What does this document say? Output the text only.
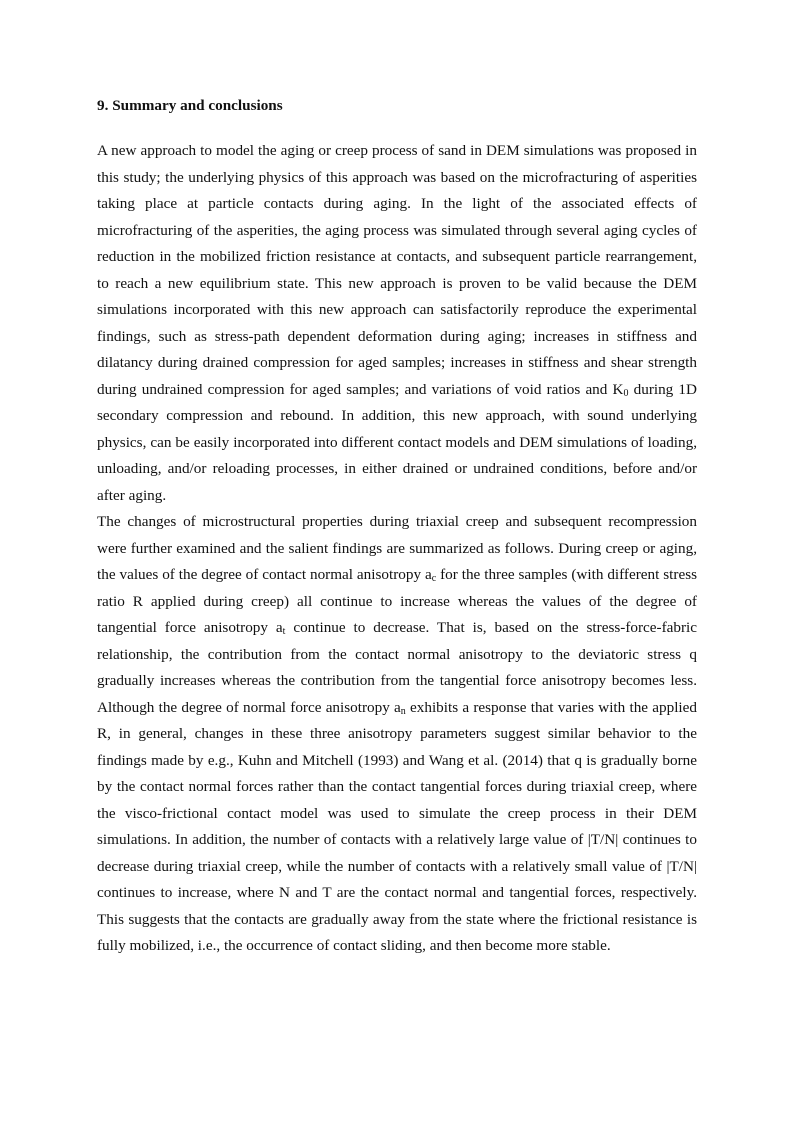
9. Summary and conclusions

A new approach to model the aging or creep process of sand in DEM simulations was proposed in this study; the underlying physics of this approach was based on the microfracturing of asperities taking place at particle contacts during aging. In the light of the associated effects of microfracturing of the asperities, the aging process was simulated through several aging cycles of reduction in the mobilized friction resistance at contacts, and subsequent particle rearrangement, to reach a new equilibrium state. This new approach is proven to be valid because the DEM simulations incorporated with this new approach can satisfactorily reproduce the experimental findings, such as stress-path dependent deformation during aging; increases in stiffness and dilatancy during drained compression for aged samples; increases in stiffness and shear strength during undrained compression for aged samples; and variations of void ratios and $K_0$ during 1D secondary compression and rebound. In addition, this new approach, with sound underlying physics, can be easily incorporated into different contact models and DEM simulations of loading, unloading, and/or reloading processes, in either drained or undrained conditions, before and/or after aging.

The changes of microstructural properties during triaxial creep and subsequent recompression were further examined and the salient findings are summarized as follows. During creep or aging, the values of the degree of contact normal anisotropy $a_c$ for the three samples (with different stress ratio R applied during creep) all continue to increase whereas the values of the degree of tangential force anisotropy $a_t$ continue to decrease. That is, based on the stress-force-fabric relationship, the contribution from the contact normal anisotropy to the deviatoric stress q gradually increases whereas the contribution from the tangential force anisotropy becomes less. Although the degree of normal force anisotropy $a_n$ exhibits a response that varies with the applied R, in general, changes in these three anisotropy parameters suggest similar behavior to the findings made by e.g., Kuhn and Mitchell (1993) and Wang et al. (2014) that q is gradually borne by the contact normal forces rather than the contact tangential forces during triaxial creep, where the visco-frictional contact model was used to simulate the creep process in their DEM simulations. In addition, the number of contacts with a relatively large value of |T/N| continues to decrease during triaxial creep, while the number of contacts with a relatively small value of |T/N| continues to increase, where N and T are the contact normal and tangential forces, respectively. This suggests that the contacts are gradually away from the state where the frictional resistance is fully mobilized, i.e., the occurrence of contact sliding, and then become more stable.
